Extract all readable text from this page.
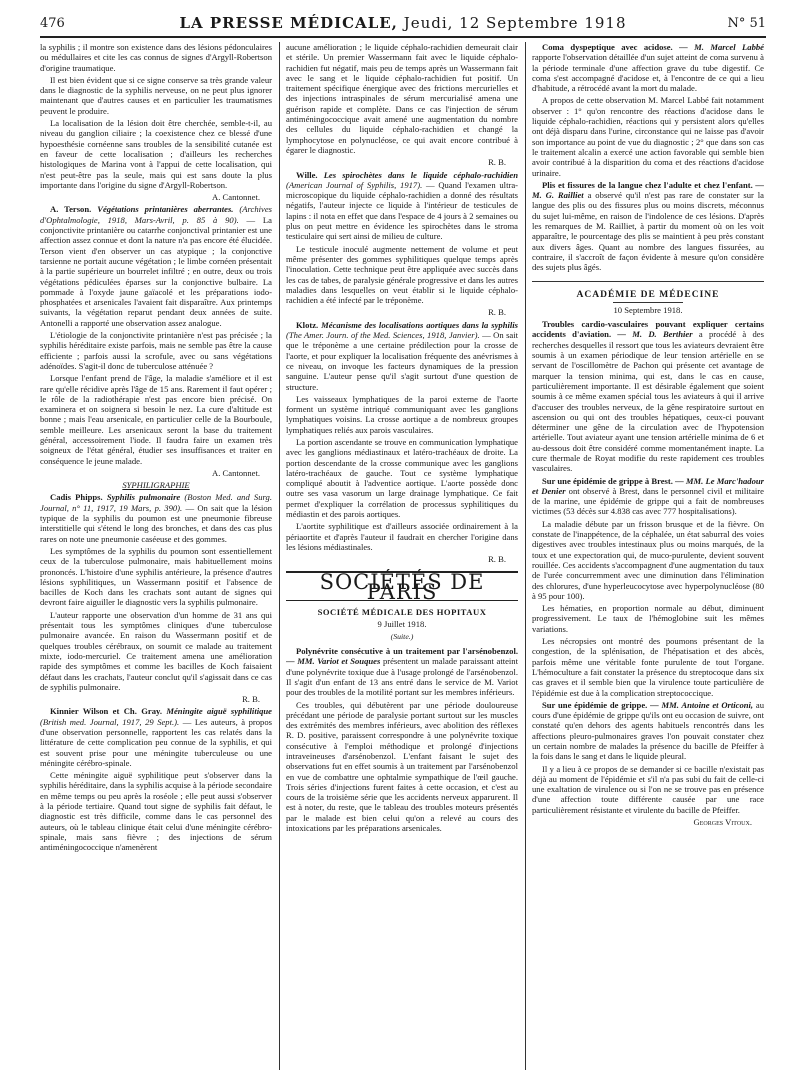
476	LA PRESSE MÉDICALE, Jeudi, 12 Septembre 1918	N° 51

la syphilis ; il montre son existence dans des lésions pédonculaires ou médullaires et cite les cas connus de signes d'Argyll-Robertson d'origine traumatique.

Il est bien évident que si ce signe conserve sa très grande valeur dans le diagnostic de la syphilis nerveuse, on ne peut plus ignorer maintenant que d'autres causes et en particulier les traumatismes peuvent le produire.

La localisation de la lésion doit être cherchée, semble-t-il, au niveau du ganglion ciliaire ; la coexistence chez ce blessé d'une hypoesthésie cornéenne sans troubles de la sensibilité cutanée est en faveur de cette localisation ; d'ailleurs les recherches histologiques de Marina vont à l'appui de cette localisation, qui n'est peut-être pas la seule, mais qui est sans doute la plus importante dans l'origine du signe d'Argyll-Robertson.

A. Cantonnet.

A. Terson. Végétations printanières aberrantes. (Archives d'Ophtalmologie, 1918, Mars-Avril, p. 85 à 90). — La conjonctivite printanière ou catarrhe conjonctival printanier est une affection assez connue et dont la nature n'a pas encore été élucidée. Terson vient d'en observer un cas atypique ; la conjonctive tarsienne ne portait aucune végétation ; le limbe cornéen présentait à la partie supérieure un bourrelet infiltré ; en outre, deux ou trois végétations pédiculées éparses sur la conjonctive bulbaire. La pommade à l'oxyde jaune gaïacolé et les préparations iodo-phosphatées et arsenicales l'avaient fait disparaître. Aux printemps suivants, la végétation reparut pendant deux années de suite. Antonelli a rapporté une observation assez analogue.

L'étiologie de la conjonctivite printanière n'est pas précisée ; la syphilis héréditaire existe parfois, mais ne semble pas être la cause efficiente ; parfois aussi la scrofule, avec ou sans végétations adénoïdes. S'agit-il donc de tuberculose atténuée ?

Lorsque l'enfant prend de l'âge, la maladie s'améliore et il est rare qu'elle récidive après l'âge de 15 ans. Rarement il faut opérer ; le rôle de la radiothérapie n'est pas encore bien précisé. On examinera et on soignera si besoin le nez. La cure d'altitude est bonne ; mais l'eau arsenicale, en particulier celle de la Bourboule, semble meilleure. Les arsenicaux seront la base du traitement général, accessoirement l'iode. Il faudra faire un examen très soigneux de l'état général, étudier ses insuffisances et traiter en conséquence le jeune malade.

A. Cantonnet.

SYPHILIGRAPHIE

Cadis Phipps. Syphilis pulmonaire (Boston Med. and Surg. Journal, n° 11, 1917, 19 Mars, p. 390). — On sait que la lésion typique de la syphilis du poumon est une pneumonie fibreuse interstitielle qui s'étend le long des bronches, et dans des cas plus rares on note une pneumonie caséeuse et des gommes.

Les symptômes de la syphilis du poumon sont essentiellement ceux de la tuberculose pulmonaire, mais habituellement moins prononcés. L'histoire d'une syphilis antérieure, la présence d'autres lésions syphilitiques, un Wassermann positif et l'absence de bacilles de Koch dans les crachats sont autant de signes qui devront faire aiguiller le diagnostic vers la syphilis pulmonaire.

L'auteur rapporte une observation d'un homme de 31 ans qui présentait tous les symptômes cliniques d'une tuberculose pulmonaire avancée. En raison du Wassermann positif et de quelques troubles cérébraux, on soumit ce malade au traitement mixte, iodo-mercuriel. Ce traitement amena une amélioration rapide des symptômes et comme les bacilles de Koch faisaient défaut dans les crachats, l'auteur conclut qu'il s'agissait dans ce cas de syphilis pulmonaire.

R. B.

Kinnier Wilson et Ch. Gray. Méningite aiguë syphilitique (British med. Journal, 1917, 29 Sept.). — Les auteurs, à propos d'une observation personnelle, rapportent les cas relatés dans la littérature de cette complication peu connue de la syphilis, et qui est souvent prise pour une méningite tuberculeuse ou une méningite cérébro-spinale.

Cette méningite aiguë syphilitique peut s'observer dans la syphilis héréditaire, dans la syphilis acquise à la période secondaire en même temps ou peu après la roséole ; elle peut aussi s'observer à la période tertiaire. Quand tout signe de syphilis fait défaut, le diagnostic est très difficile, comme dans le cas personnel des auteurs, où le tableau clinique était celui d'une méningite cérébro-spinale, mais sans fièvre ; des injections de sérum antiméningococcique n'amenèrent

aucune amélioration ; le liquide céphalo-rachidien demeurait clair et stérile. Un premier Wassermann fait avec le liquide céphalo-rachidien fut négatif, mais peu de temps après un Wassermann fait avec le sang et le liquide céphalo-rachidien fut positif. Un traitement spécifique énergique avec des frictions mercurielles et des injections intraspinales de sérum mercurialisé amena une guérison rapide et complète. Dans ce cas l'injection de sérum antiméningococcique avait amené une augmentation du nombre des cellules du liquide céphalo-rachidien et changé la lymphocytose en polynucléose, ce qui avait encore contribué à égarer le diagnostic.

R. B.

Wille. Les spirochètes dans le liquide céphalo-rachidien (American Journal of Syphilis, 1917). — Quand l'examen ultra-microscopique du liquide céphalo-rachidien a donné des résultats négatifs, l'auteur injecte ce liquide à l'intérieur de testicules de lapins : il nota en effet que dans l'espace de 4 jours à 2 semaines ou plus on peut mettre en évidence les spirochètes dans le stroma testiculaire qui sert ainsi de milieu de culture.

Le testicule inoculé augmente nettement de volume et peut même présenter des gommes syphilitiques quelque temps après l'inoculation. Cette technique peut être appliquée avec succès dans les cas de tabes, de paralysie générale progressive et dans les autres maladies dans lesquelles on veut établir si le liquide céphalo-rachidien a été infecté par le tréponème.

R. B.

Klotz. Mécanisme des localisations aortiques dans la syphilis (The Amer. Journ. of the Med. Sciences, 1918, Janvier). — On sait que le tréponème a une certaine prédilection pour la crosse de l'aorte, et pour expliquer la localisation fréquente des anévrismes à ce niveau, on invoque les facteurs dynamiques de la pression sanguine. L'auteur pense qu'il s'agit surtout d'une question de structure.

Les vaisseaux lymphatiques de la paroi externe de l'aorte forment un système intriqué communiquant avec les ganglions lymphatiques voisins. La crosse aortique a de nombreux groupes lymphatiques reliés aux parois vasculaires.

La portion ascendante se trouve en communication lymphatique avec les ganglions médiastinaux et latéro-trachéaux de droite. La portion descendante de la crosse communique avec les ganglions latéro-trachéaux de gauche. Tout ce système lymphatique compliqué aboutit à l'adventice aortique. L'aorte possède donc outre ses vasa vasorum un large drainage lymphatique. Ce fait permet d'expliquer la corrélation de processus syphilitiques du médiastin et des parois aortiques.

L'aortite syphilitique est d'ailleurs associée ordinairement à la périaortite et d'après l'auteur il faudrait en chercher l'origine dans les lésions médiastinales.

R. B.

SOCIÉTÉS DE PARIS
SOCIÉTÉ MÉDICALE DES HOPITAUX
9 Juillet 1918.
(Suite.)

Polynévrite consécutive à un traitement par l'arsénobenzol. — MM. Variot et Souques présentent un malade paraissant atteint d'une polynévrite toxique due à l'usage prolongé de l'arsénobenzol. Il s'agit d'un enfant de 13 ans entré dans le service de M. Variot pour des troubles de la motilité portant sur les membres inférieurs.

Ces troubles, qui débutèrent par une période douloureuse précédant une période de paralysie portant surtout sur les muscles des extrémités des membres inférieurs, avec abolition des réflexes R. D. positive, paraissent correspondre à une polynévrite toxique consécutive à l'emploi méthodique et prolongé d'injections intraveineuses d'arsénobenzol. L'enfant faisant le sujet des observations fut en effet soumis à un traitement par l'arsénobenzol en vue de combattre une ophtalmie sympathique de l'œil gauche. Trois séries d'injections furent faites à cette occasion, et c'est au cours de la troisième série que les accidents nerveux apparurent. Il est à noter, du reste, que le tableau des troubles moteurs présentés par le malade est bien celui qu'on a relevé au cours des intoxications par les préparations arsenicales.

Coma dyspeptique avec acidose. — M. Marcel Labbé rapporte l'observation détaillée d'un sujet atteint de coma survenu à la période terminale d'une affection grave du tube digestif. Ce coma s'est accompagné d'acidose et, à l'encontre de ce qui a lieu d'habitude, a rétrocédé avant la mort du malade.

A propos de cette observation M. Marcel Labbé fait notamment observer : 1° qu'on rencontre des réactions d'acidose dans le liquide céphalo-rachidien, réactions qui y persistent alors qu'elles ont déjà disparu dans l'urine, circonstance qui ne laisse pas d'avoir son importance au point de vue du diagnostic ; 2° que dans son cas le traitement alcalin a exercé une action favorable qui semble bien avoir contribué à la disparition du coma et des réactions d'acidose urinaire.

Plis et fissures de la langue chez l'adulte et chez l'enfant. — M. G. Railliet a observé qu'il n'est pas rare de constater sur la langue des plis ou des fissures plus ou moins discrets, méconnus du sujet lui-même, en raison de l'indolence de ces lésions. D'après les remarques de M. Railliet, à partir du moment où on les voit apparaître, le pourcentage des plis se maintient à peu près constant aux divers âges. Quant au nombre des langues fissurées, au contraire, il s'accroît de façon évidente à mesure qu'on considère des sujets plus âgés.

ACADÉMIE DE MÉDECINE
10 Septembre 1918.

Troubles cardio-vasculaires pouvant expliquer certains accidents d'aviation. — M. D. Berthier a procédé à des recherches desquelles il ressort que tous les aviateurs devraient être soumis à un examen périodique de leur tension artérielle en se servant de l'oscillomètre de Pachon qui présente cet avantage de marquer la tension minima, qui est, dans le cas en cause, particulièrement importante. Il est désirable également que soient soumis à ce même examen spécial tous les aviateurs à qui il arrive d'accuser des troubles nerveux, de la gêne respiratoire surtout en ascension ou qui ont des troubles hépatiques, ceux-ci pouvant déterminer une gêne de la circulation avec de l'hypotension artérielle. Tout aviateur ayant une tension artérielle minima de 6 et au-dessous doit être considéré comme momentanément inapte. La cure thermale de Royat modifie du reste rapidement ces troubles vasculaires.

Sur une épidémie de grippe à Brest. — MM. Le Marc'hadour et Denier ont observé à Brest, dans le personnel civil et militaire de la marine, une épidémie de grippe qui a fait de nombreuses victimes (53 décès sur 4.838 cas avec 777 hospitalisations).

La maladie débute par un frisson brusque et de la fièvre. On constate de l'inappétence, de la céphalée, un état saburral des voies digestives avec troubles intestinaux plus ou moins marqués, de la toux et une expectoration qui, de muco-purulente, devient souvent rouillée. Ces accidents s'accompagnent d'une augmentation du taux de l'urée concurremment avec une diminution dans l'élimination des chlorures, d'une hyperleucocytose avec hyperpolynucléose (80 à 95 pour 100).

Les hématies, en proportion normale au début, diminuent progressivement. Le taux de l'hémoglobine suit les mêmes variations.

Les nécropsies ont montré des poumons présentant de la congestion, de la splénisation, de l'hépatisation et des abcès, parfois même une véritable fonte purulente de tout l'organe. L'hémoculture a fait constater la présence du streptocoque dans six cas graves et il semble bien que la virulence toute particulière de l'épidémie est due à la complication streptococcique.

Sur une épidémie de grippe. — MM. Antoine et Orticoni, au cours d'une épidémie de grippe qu'ils ont eu occasion de suivre, ont constaté qu'en dehors des agents habituels rencontrés dans les affections pleuro-pulmonaires graves l'on pouvait constater chez un certain nombre de malades la présence du bacille de Pfeiffer à la fois dans le sang et dans le liquide pleural.

Il y a lieu à ce propos de se demander si ce bacille n'existait pas déjà au moment de l'épidémie et s'il n'a pas subi du fait de celle-ci une exaltation de virulence ou si l'on ne se trouve pas en présence d'une affection toute différente causée par une race particulièrement résistante et virulente du bacille de Pfeiffer.

Georges Vitoux.
